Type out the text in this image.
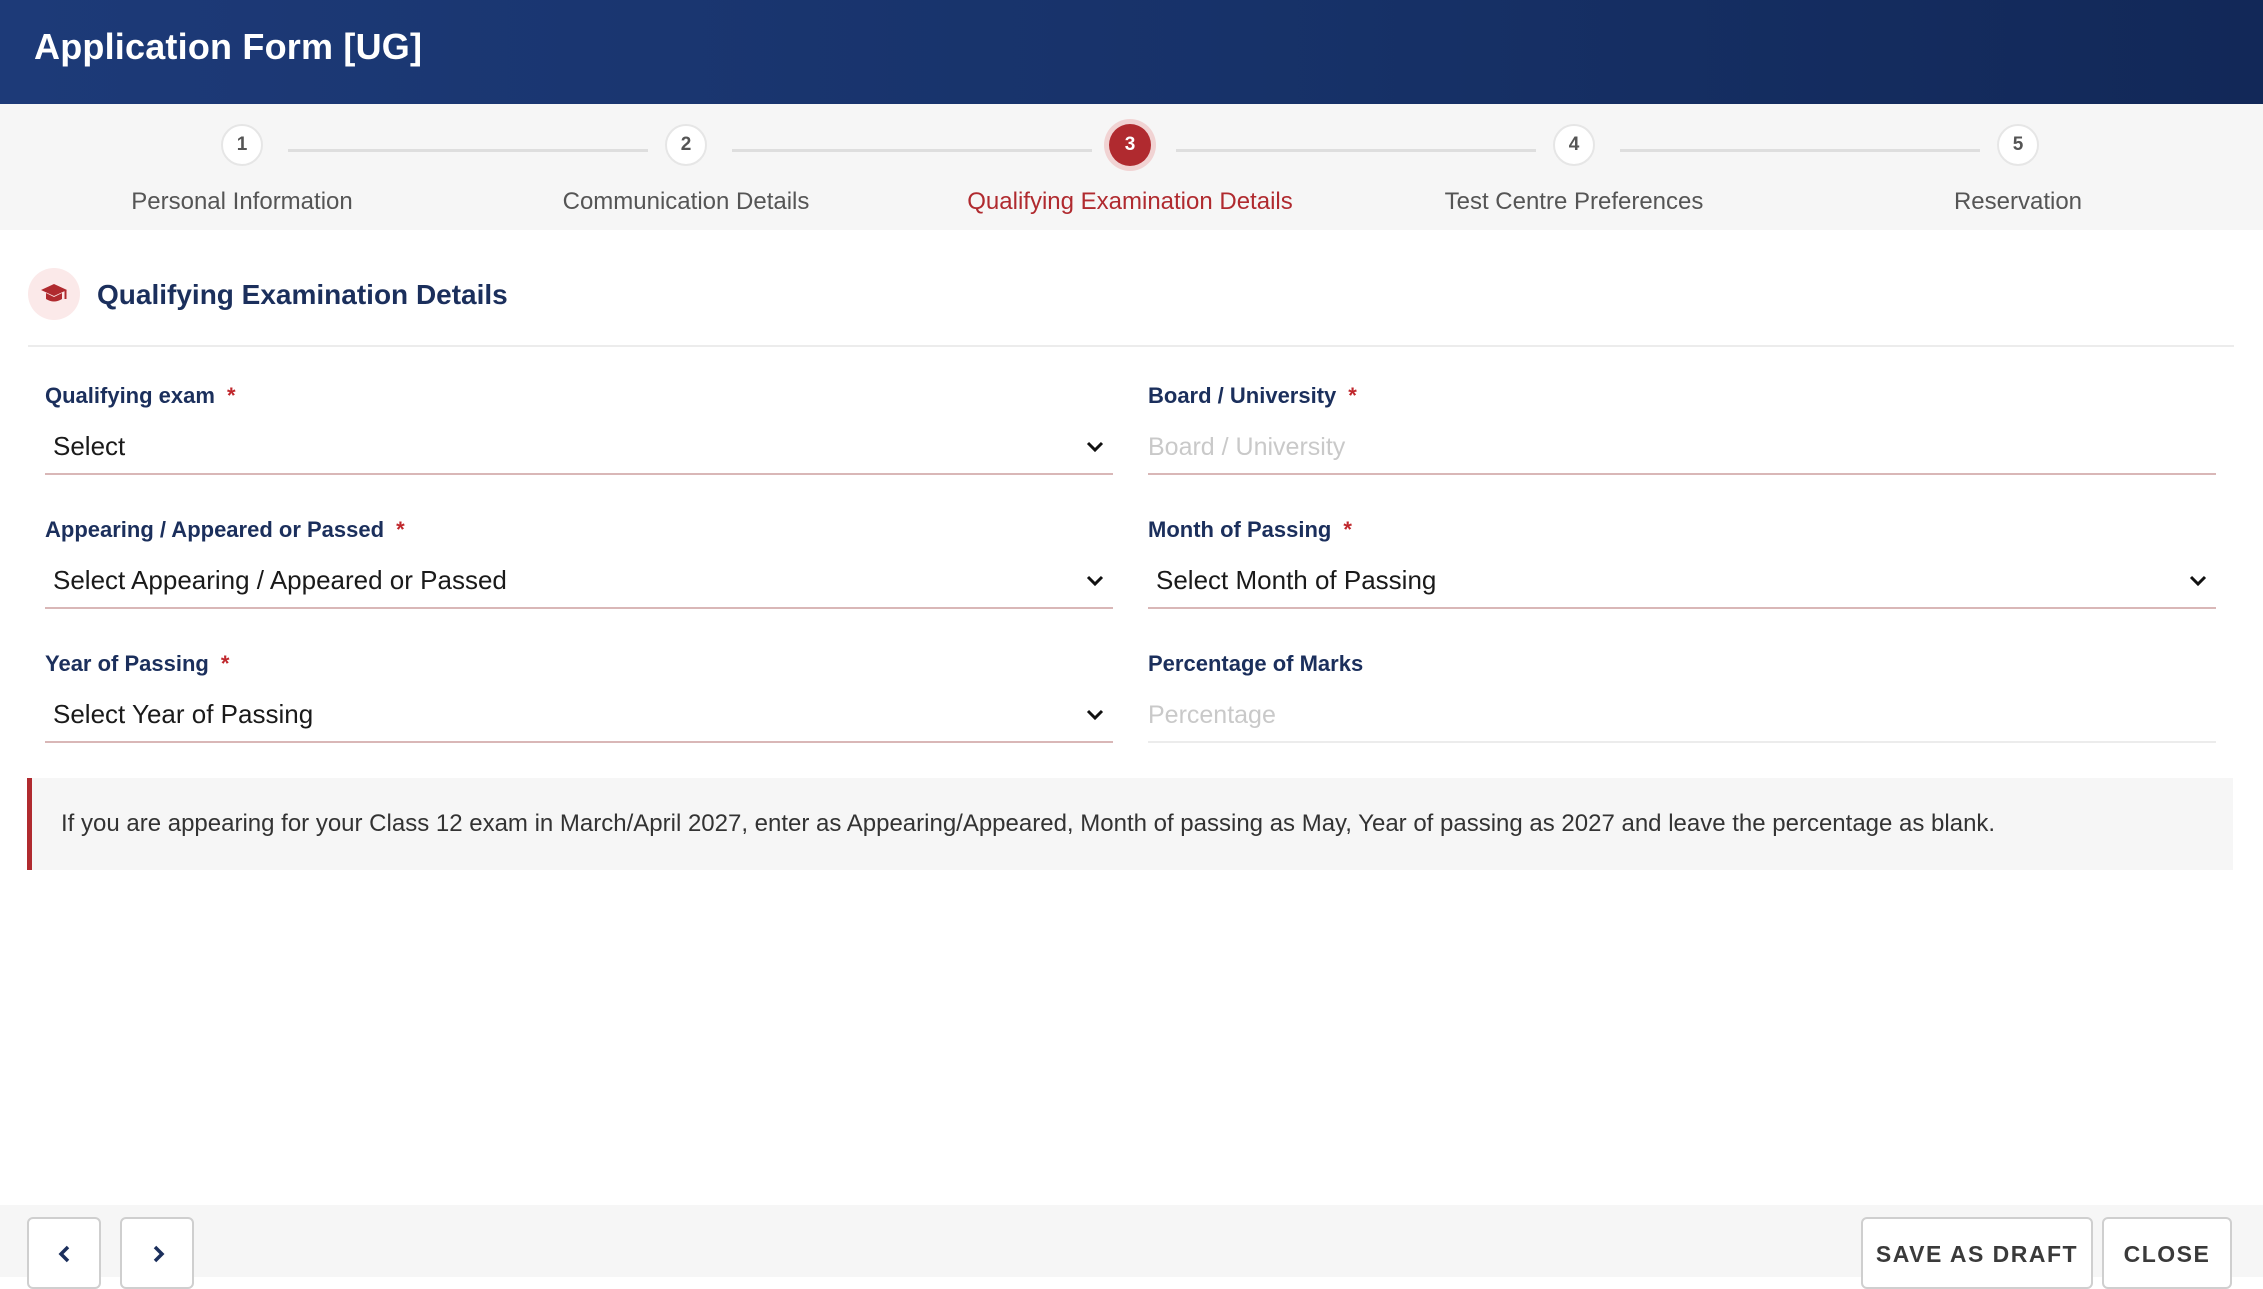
Application Form [UG]
1
Personal Information
2
Communication Details
3
Qualifying Examination Details
4
Test Centre Preferences
5
Reservation
Qualifying Examination Details
Qualifying exam *
Select
Board / University *
Board / University
Appearing / Appeared or Passed *
Select Appearing / Appeared or Passed
Month of Passing *
Select Month of Passing
Year of Passing *
Select Year of Passing
Percentage of Marks
Percentage
If you are appearing for your Class 12 exam in March/April 2027, enter as Appearing/Appeared, Month of passing as May, Year of passing as 2027 and leave the percentage as blank.
SAVE AS DRAFT	CLOSE
